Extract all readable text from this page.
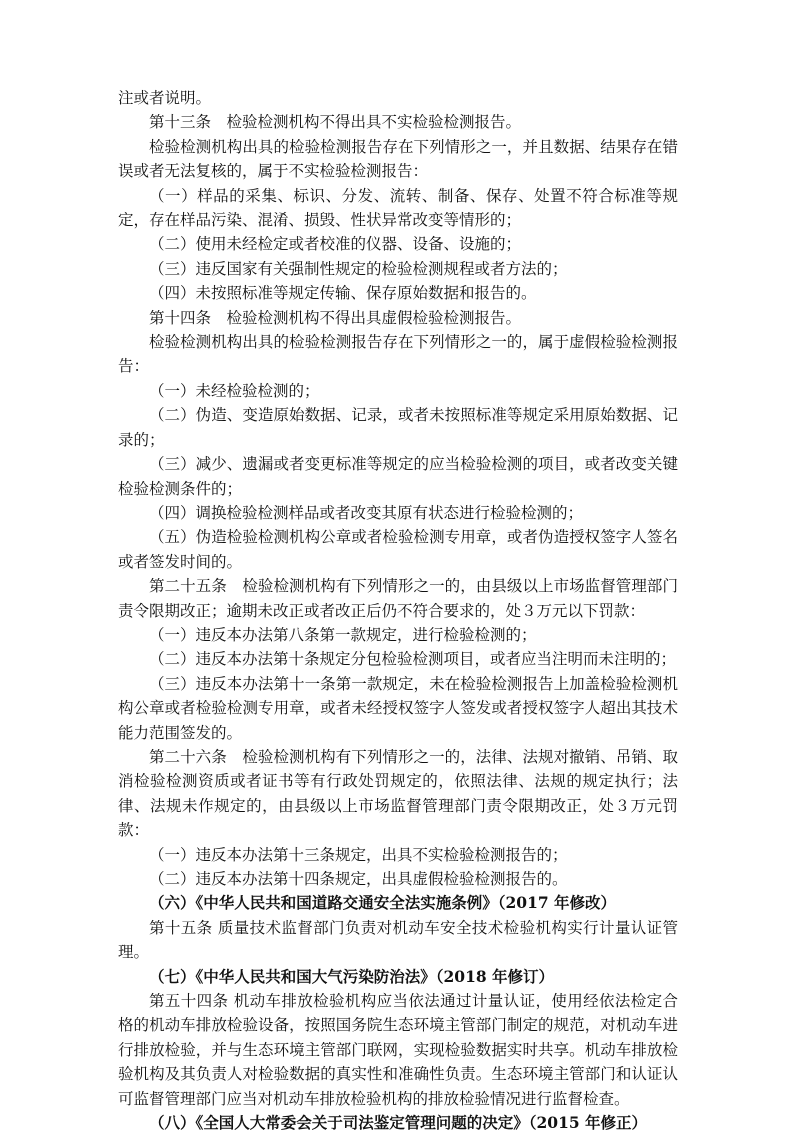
注或者说明。

第十三条　检验检测机构不得出具不实检验检测报告。

检验检测机构出具的检验检测报告存在下列情形之一，并且数据、结果存在错误或者无法复核的，属于不实检验检测报告：

（一）样品的采集、标识、分发、流转、制备、保存、处置不符合标准等规定，存在样品污染、混淆、损毁、性状异常改变等情形的；

（二）使用未经检定或者校准的仪器、设备、设施的；

（三）违反国家有关强制性规定的检验检测规程或者方法的；

（四）未按照标准等规定传输、保存原始数据和报告的。

第十四条　检验检测机构不得出具虚假检验检测报告。

检验检测机构出具的检验检测报告存在下列情形之一的，属于虚假检验检测报告：

（一）未经检验检测的；

（二）伪造、变造原始数据、记录，或者未按照标准等规定采用原始数据、记录的；

（三）减少、遗漏或者变更标准等规定的应当检验检测的项目，或者改变关键检验检测条件的；

（四）调换检验检测样品或者改变其原有状态进行检验检测的；

（五）伪造检验检测机构公章或者检验检测专用章，或者伪造授权签字人签名或者签发时间的。

第二十五条　检验检测机构有下列情形之一的，由县级以上市场监督管理部门责令限期改正；逾期未改正或者改正后仍不符合要求的，处３万元以下罚款：

（一）违反本办法第八条第一款规定，进行检验检测的；

（二）违反本办法第十条规定分包检验检测项目，或者应当注明而未注明的；

（三）违反本办法第十一条第一款规定，未在检验检测报告上加盖检验检测机构公章或者检验检测专用章，或者未经授权签字人签发或者授权签字人超出其技术能力范围签发的。

第二十六条　检验检测机构有下列情形之一的，法律、法规对撤销、吊销、取消检验检测资质或者证书等有行政处罚规定的，依照法律、法规的规定执行；法律、法规未作规定的，由县级以上市场监督管理部门责令限期改正，处３万元罚款：

（一）违反本办法第十三条规定，出具不实检验检测报告的；

（二）违反本办法第十四条规定，出具虚假检验检测报告的。

（六）《中华人民共和国道路交通安全法实施条例》（2017 年修改）

第十五条 质量技术监督部门负责对机动车安全技术检验机构实行计量认证管理。

（七）《中华人民共和国大气污染防治法》（2018 年修订）

第五十四条 机动车排放检验机构应当依法通过计量认证，使用经依法检定合格的机动车排放检验设备，按照国务院生态环境主管部门制定的规范，对机动车进行排放检验，并与生态环境主管部门联网，实现检验数据实时共享。机动车排放检验机构及其负责人对检验数据的真实性和准确性负责。生态环境主管部门和认证认可监督管理部门应当对机动车排放检验机构的排放检验情况进行监督检查。

（八）《全国人大常委会关于司法鉴定管理问题的决定》（2015 年修正）
